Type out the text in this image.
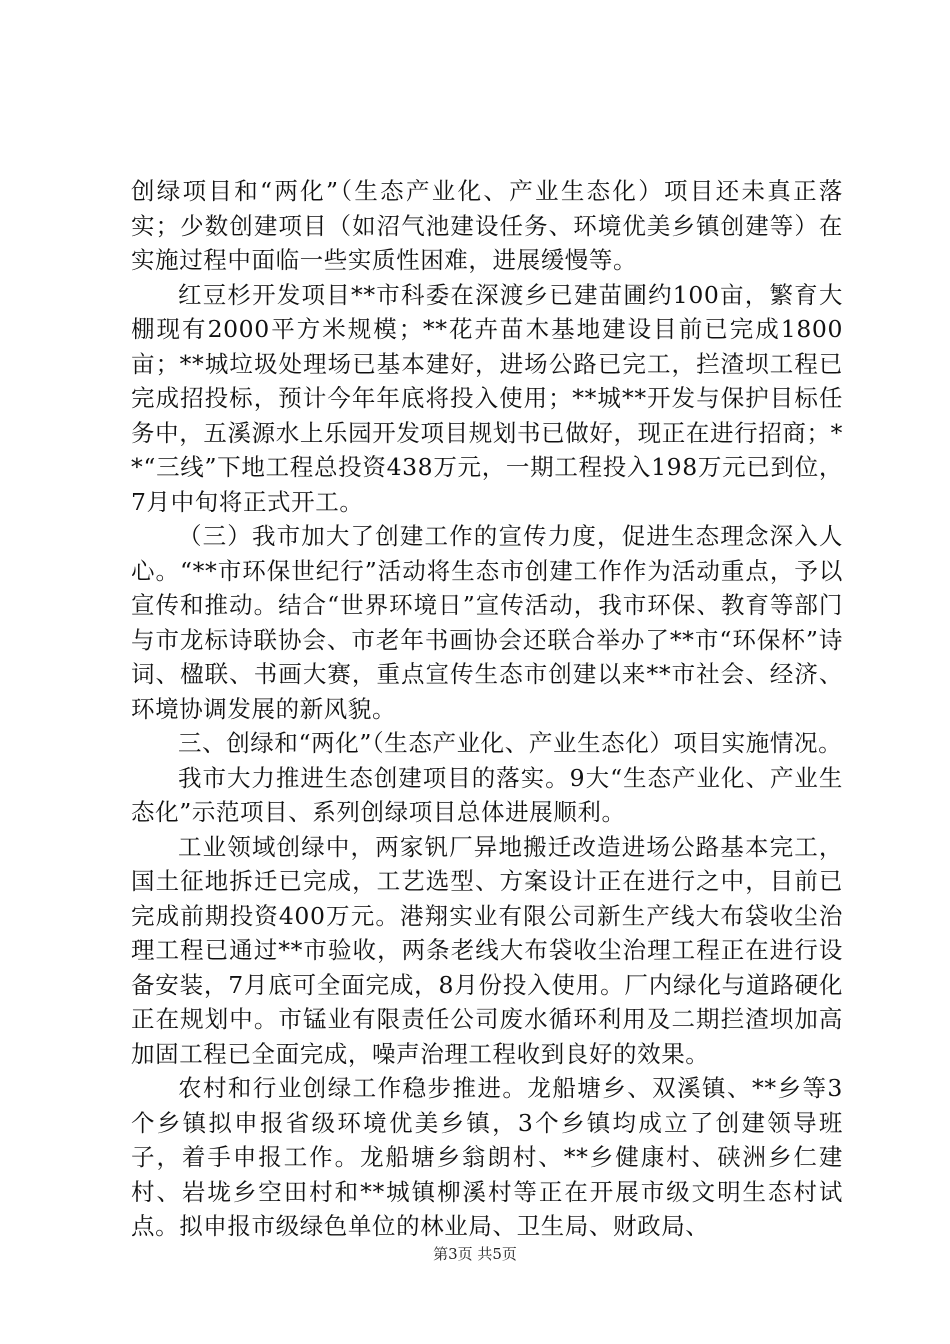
创绿项目和“两化”（生态产业化、产业生态化）项目还未真正落实；少数创建项目（如沼气池建设任务、环境优美乡镇创建等）在实施过程中面临一些实质性困难，进展缓慢等。

红豆杉开发项目**市科委在深渡乡已建苗圃约100亩，繁育大棚现有2000平方米规模；**花卉苗木基地建设目前已完成1800亩；**城垃圾处理场已基本建好，进场公路已完工，拦渣坝工程已完成招投标，预计今年年底将投入使用；**城**开发与保护目标任务中，五溪源水上乐园开发项目规划书已做好，现正在进行招商；**“三线”下地工程总投资438万元，一期工程投入198万元已到位，7月中旬将正式开工。

（三）我市加大了创建工作的宣传力度，促进生态理念深入人心。“**市环保世纪行”活动将生态市创建工作作为活动重点，予以宣传和推动。结合“世界环境日”宣传活动，我市环保、教育等部门与市龙标诗联协会、市老年书画协会还联合举办了**市“环保杯”诗词、楹联、书画大赛，重点宣传生态市创建以来**市社会、经济、环境协调发展的新风貌。

三、创绿和“两化”（生态产业化、产业生态化）项目实施情况。

我市大力推进生态创建项目的落实。9大“生态产业化、产业生态化”示范项目、系列创绿项目总体进展顺利。

工业领域创绿中，两家钒厂异地搬迁改造进场公路基本完工，国土征地拆迁已完成，工艺选型、方案设计正在进行之中，目前已完成前期投资400万元。港翔实业有限公司新生产线大布袋收尘治理工程已通过**市验收，两条老线大布袋收尘治理工程正在进行设备安装，7月底可全面完成，8月份投入使用。厂内绿化与道路硬化正在规划中。市锰业有限责任公司废水循环利用及二期拦渣坝加高加固工程已全面完成，噪声治理工程收到良好的效果。

农村和行业创绿工作稳步推进。龙船塘乡、双溪镇、**乡等3个乡镇拟申报省级环境优美乡镇，3个乡镇均成立了创建领导班子，着手申报工作。龙船塘乡翁朗村、**乡健康村、硖洲乡仁建村、岩垅乡空田村和**城镇柳溪村等正在开展市级文明生态村试点。拟申报市级绿色单位的林业局、卫生局、财政局、

第3页 共5页
